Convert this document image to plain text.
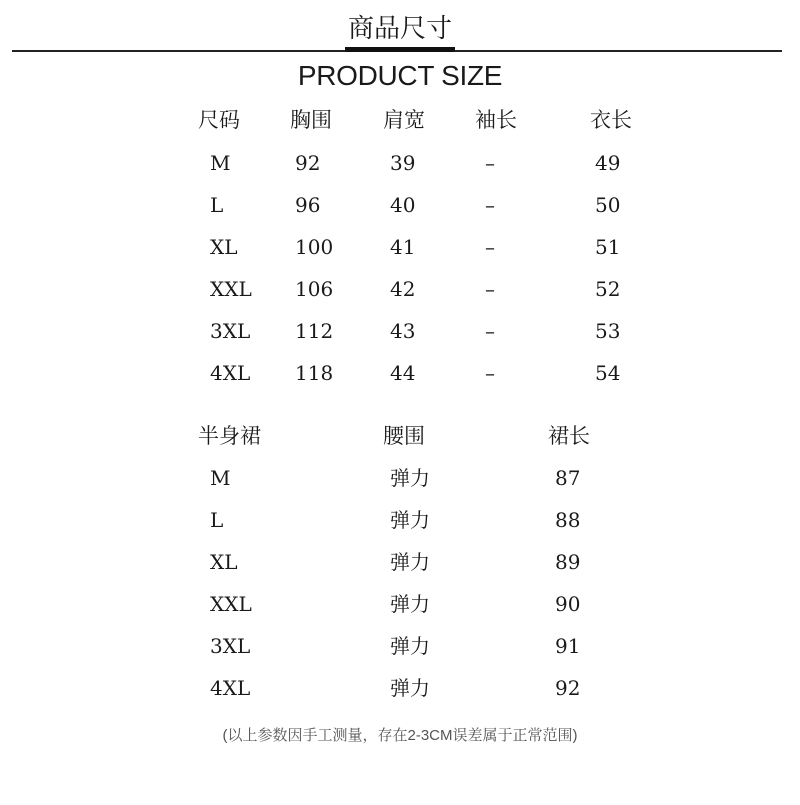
商品尺寸
PRODUCT SIZE
尺码 胸围 肩宽 袖长	衣长
M	92	39	–	49
L	96	40	–	50
XL	100	41	–	51
XXL 106	42	–	52
3XL 112	43	–	53
4XL 118	44	–	54
半身裙	腰围	裙长
M	弹力	87
L	弹力	88
XL	弹力	89
XXL	弹力	90
3XL	弹力	91
4XL	弹力	92
(以上参数因手工测量，存在2-3CM误差属于正常范围)
